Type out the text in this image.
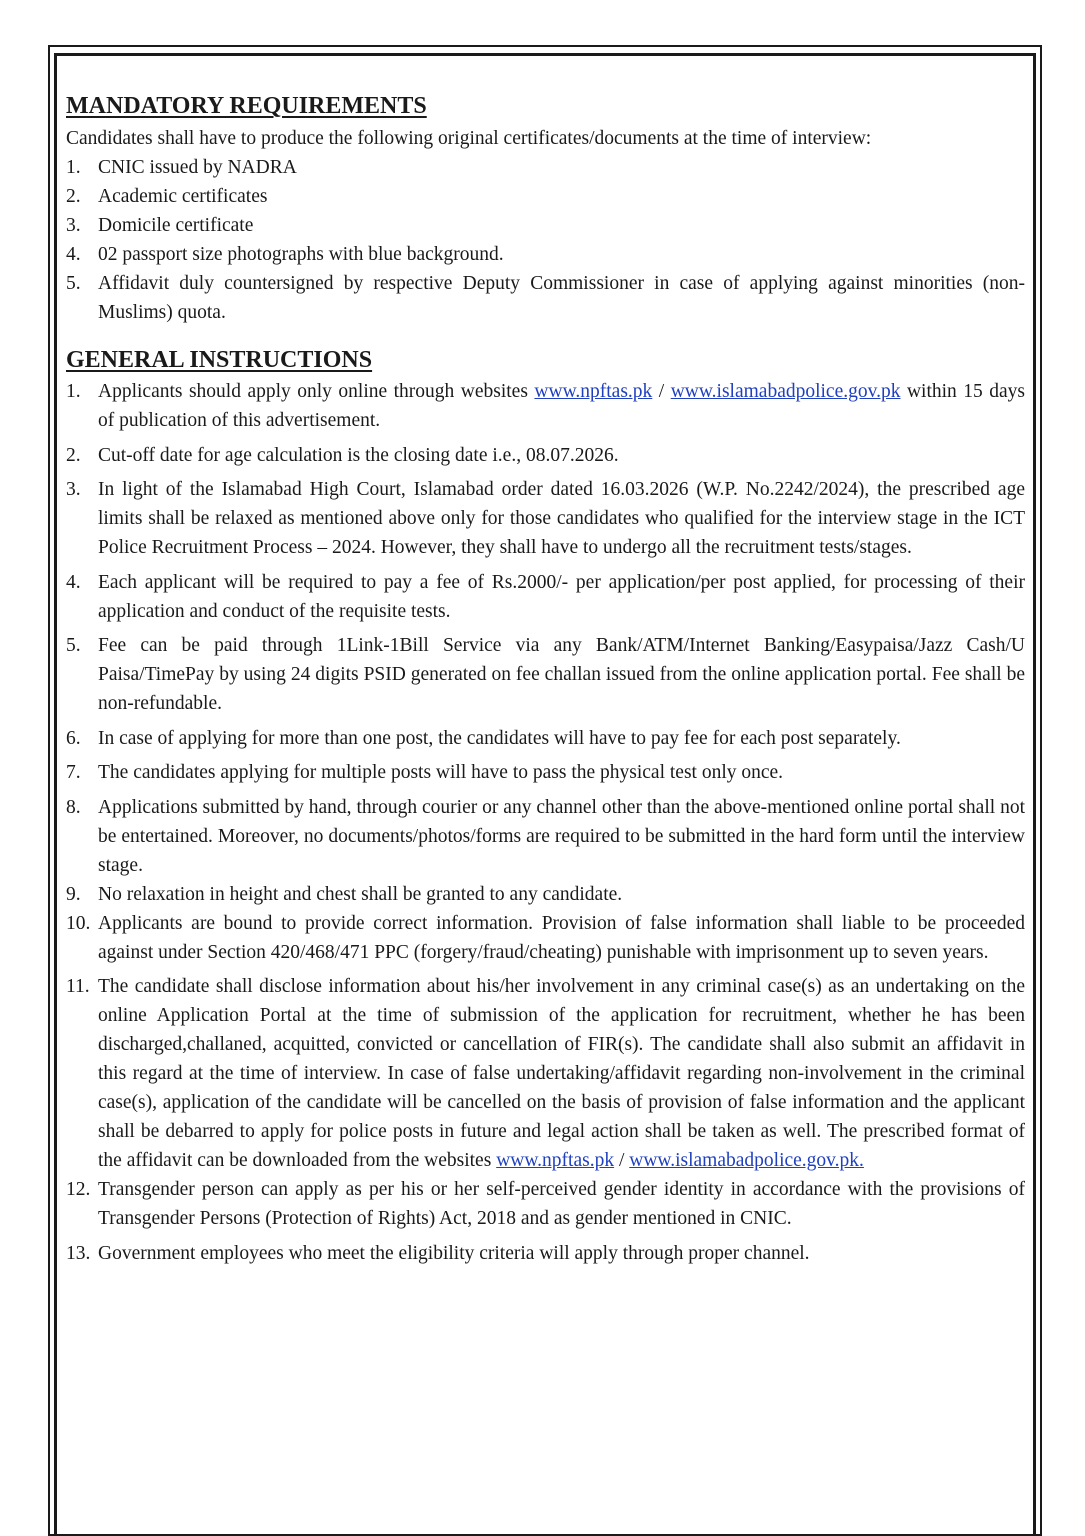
MANDATORY REQUIREMENTS

Candidates shall have to produce the following original certificates/documents at the time of interview:

1. CNIC issued by NADRA
2. Academic certificates
3. Domicile certificate
4. 02 passport size photographs with blue background.
5. Affidavit duly countersigned by respective Deputy Commissioner in case of applying against minorities (non-Muslims) quota.
GENERAL INSTRUCTIONS
1. Applicants should apply only online through websites www.npftas.pk / www.islamabadpolice.gov.pk within 15 days of publication of this advertisement.
2. Cut-off date for age calculation is the closing date i.e., 08.07.2026.
3. In light of the Islamabad High Court, Islamabad order dated 16.03.2026 (W.P. No.2242/2024), the prescribed age limits shall be relaxed as mentioned above only for those candidates who qualified for the interview stage in the ICT Police Recruitment Process – 2024. However, they shall have to undergo all the recruitment tests/stages.
4. Each applicant will be required to pay a fee of Rs.2000/- per application/per post applied, for processing of their application and conduct of the requisite tests.
5. Fee can be paid through 1Link-1Bill Service via any Bank/ATM/Internet Banking/Easypaisa/Jazz Cash/U Paisa/TimePay by using 24 digits PSID generated on fee challan issued from the online application portal. Fee shall be non-refundable.
6. In case of applying for more than one post, the candidates will have to pay fee for each post separately.
7. The candidates applying for multiple posts will have to pass the physical test only once.
8. Applications submitted by hand, through courier or any channel other than the above-mentioned online portal shall not be entertained. Moreover, no documents/photos/forms are required to be submitted in the hard form until the interview stage.
9. No relaxation in height and chest shall be granted to any candidate.
10. Applicants are bound to provide correct information. Provision of false information shall liable to be proceeded against under Section 420/468/471 PPC (forgery/fraud/cheating) punishable with imprisonment up to seven years.
11. The candidate shall disclose information about his/her involvement in any criminal case(s) as an undertaking on the online Application Portal at the time of submission of the application for recruitment, whether he has been discharged,challaned, acquitted, convicted or cancellation of FIR(s). The candidate shall also submit an affidavit in this regard at the time of interview. In case of false undertaking/affidavit regarding non-involvement in the criminal case(s), application of the candidate will be cancelled on the basis of provision of false information and the applicant shall be debarred to apply for police posts in future and legal action shall be taken as well. The prescribed format of the affidavit can be downloaded from the websites www.npftas.pk / www.islamabadpolice.gov.pk.
12. Transgender person can apply as per his or her self-perceived gender identity in accordance with the provisions of Transgender Persons (Protection of Rights) Act, 2018 and as gender mentioned in CNIC.
13. Government employees who meet the eligibility criteria will apply through proper channel.
